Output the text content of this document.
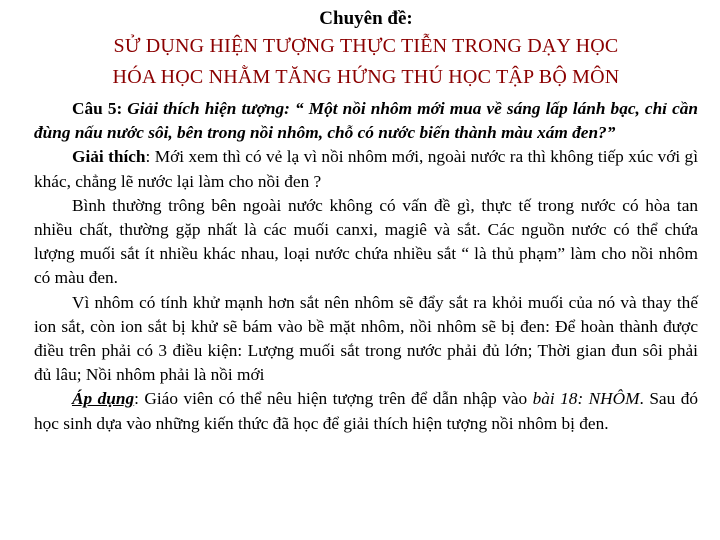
Chuyên đề:
SỬ DỤNG HIỆN TƯỢNG THỰC TIỄN TRONG DẠY HỌC
HÓA HỌC NHẰM TĂNG HỨNG THÚ HỌC TẬP BỘ MÔN

Câu 5: Giải thích hiện tượng: “ Một nồi nhôm mới mua về sáng lấp lánh bạc, chỉ cần đùng nấu nước sôi, bên trong nồi nhôm, chỗ có nước biến thành màu xám đen?”

Giải thích: Mới xem thì có vẻ lạ vì nồi nhôm mới, ngoài nước ra thì không tiếp xúc với gì khác, chẳng lẽ nước lại làm cho nồi đen ?

Bình thường trông bên ngoài nước không có vấn đề gì, thực tế trong nước có hòa tan nhiều chất, thường gặp nhất là các muối canxi, magiê và sắt. Các nguồn nước có thể chứa lượng muối sắt ít nhiều khác nhau, loại nước chứa nhiều sắt “ là thủ phạm” làm cho nồi nhôm có màu đen.

Vì nhôm có tính khử mạnh hơn sắt nên nhôm sẽ đẩy sắt ra khỏi muối của nó và thay thế ion sắt, còn ion sắt bị khử sẽ bám vào bề mặt nhôm, nồi nhôm sẽ bị đen: Để hoàn thành được điều trên phải có 3 điều kiện: Lượng muối sắt trong nước phải đủ lớn; Thời gian đun sôi phải đủ lâu; Nồi nhôm phải là nồi mới

Áp dụng: Giáo viên có thể nêu hiện tượng trên để dẫn nhập vào bài 18: NHÔM. Sau đó học sinh dựa vào những kiến thức đã học để giải thích hiện tượng nồi nhôm bị đen.
